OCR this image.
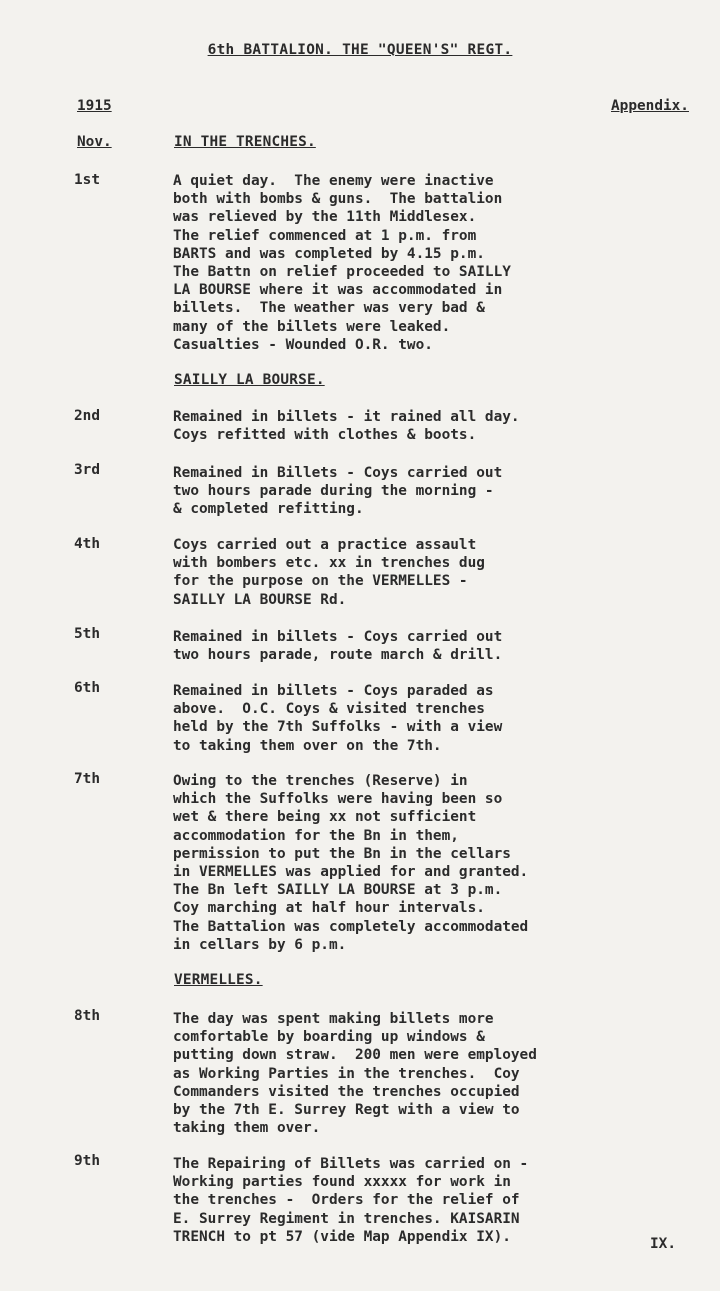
6th BATTALION. THE "QUEEN'S" REGT.
1915	Appendix.
Nov.	IN THE TRENCHES.
1st	A quiet day.  The enemy were inactive
both with bombs & guns.  The battalion
was relieved by the 11th Middlesex.
The relief commenced at 1 p.m. from
BARTS and was completed by 4.15 p.m.
The Battn on relief proceeded to SAILLY
LA BOURSE where it was accommodated in
billets.  The weather was very bad &
many of the billets were leaked.
Casualties - Wounded O.R. two.
SAILLY LA BOURSE.
2nd	Remained in billets - it rained all day.
Coys refitted with clothes & boots.
3rd	Remained in Billets - Coys carried out
two hours parade during the morning -
& completed refitting.
4th	Coys carried out a practice assault
with bombers etc. xx in trenches dug
for the purpose on the VERMELLES -
SAILLY LA BOURSE Rd.
5th	Remained in billets - Coys carried out
two hours parade, route march & drill.
6th	Remained in billets - Coys paraded as
above.  O.C. Coys & visited trenches
held by the 7th Suffolks - with a view
to taking them over on the 7th.
7th	Owing to the trenches (Reserve) in
which the Suffolks were having been so
wet & there being xx not sufficient
accommodation for the Bn in them,
permission to put the Bn in the cellars
in VERMELLES was applied for and granted.
The Bn left SAILLY LA BOURSE at 3 p.m.
Coy marching at half hour intervals.
The Battalion was completely accommodated
in cellars by 6 p.m.
VERMELLES.
8th	The day was spent making billets more
comfortable by boarding up windows &
putting down straw.  200 men were employed
as Working Parties in the trenches.  Coy
Commanders visited the trenches occupied
by the 7th E. Surrey Regt with a view to
taking them over.
9th	The Repairing of Billets was carried on -
Working parties found xxxxx for work in
the trenches -  Orders for the relief of
E. Surrey Regiment in trenches. KAISARIN
TRENCH to pt 57 (vide Map Appendix IX).	IX.
